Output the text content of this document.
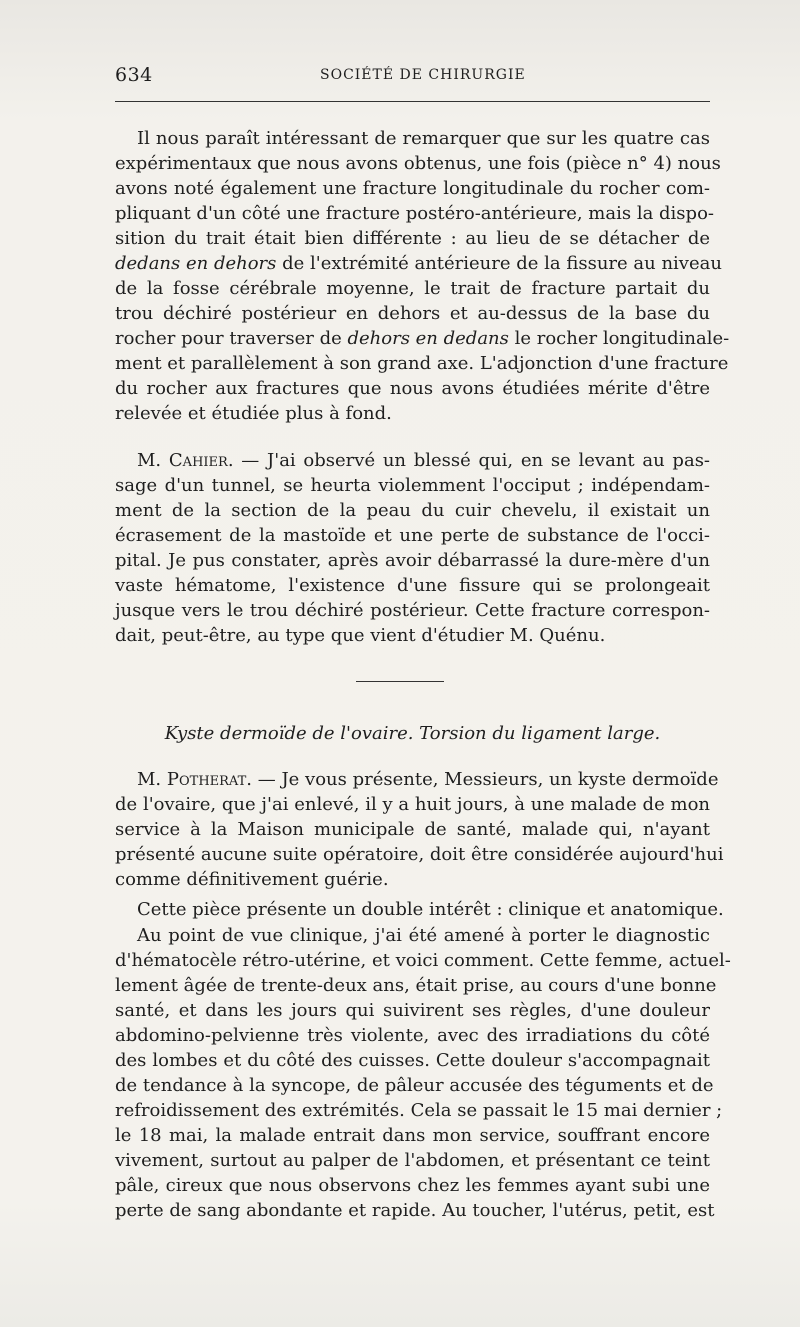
634	SOCIÉTÉ DE CHIRURGIE
Il nous paraît intéressant de remarquer que sur les quatre cas
expérimentaux que nous avons obtenus, une fois (pièce n° 4) nous
avons noté également une fracture longitudinale du rocher com-
pliquant d'un côté une fracture postéro-antérieure, mais la dispo-
sition du trait était bien différente : au lieu de se détacher de
dedans en dehors de l'extrémité antérieure de la fissure au niveau
de la fosse cérébrale moyenne, le trait de fracture partait du
trou déchiré postérieur en dehors et au-dessus de la base du
rocher pour traverser de dehors en dedans le rocher longitudinale-
ment et parallèlement à son grand axe. L'adjonction d'une fracture
du rocher aux fractures que nous avons étudiées mérite d'être
relevée et étudiée plus à fond.
M. Cahier. — J'ai observé un blessé qui, en se levant au pas-
sage d'un tunnel, se heurta violemment l'occiput ; indépendam-
ment de la section de la peau du cuir chevelu, il existait un
écrasement de la mastoïde et une perte de substance de l'occi-
pital. Je pus constater, après avoir débarrassé la dure-mère d'un
vaste hématome, l'existence d'une fissure qui se prolongeait
jusque vers le trou déchiré postérieur. Cette fracture correspon-
dait, peut-être, au type que vient d'étudier M. Quénu.
Kyste dermoïde de l'ovaire. Torsion du ligament large.
M. Potherat. — Je vous présente, Messieurs, un kyste dermoïde
de l'ovaire, que j'ai enlevé, il y a huit jours, à une malade de mon
service à la Maison municipale de santé, malade qui, n'ayant
présenté aucune suite opératoire, doit être considérée aujourd'hui
comme définitivement guérie.
Cette pièce présente un double intérêt : clinique et anatomique.
Au point de vue clinique, j'ai été amené à porter le diagnostic
d'hématocèle rétro-utérine, et voici comment. Cette femme, actuel-
lement âgée de trente-deux ans, était prise, au cours d'une bonne
santé, et dans les jours qui suivirent ses règles, d'une douleur
abdomino-pelvienne très violente, avec des irradiations du côté
des lombes et du côté des cuisses. Cette douleur s'accompagnait
de tendance à la syncope, de pâleur accusée des téguments et de
refroidissement des extrémités. Cela se passait le 15 mai dernier ;
le 18 mai, la malade entrait dans mon service, souffrant encore
vivement, surtout au palper de l'abdomen, et présentant ce teint
pâle, cireux que nous observons chez les femmes ayant subi une
perte de sang abondante et rapide. Au toucher, l'utérus, petit, est
